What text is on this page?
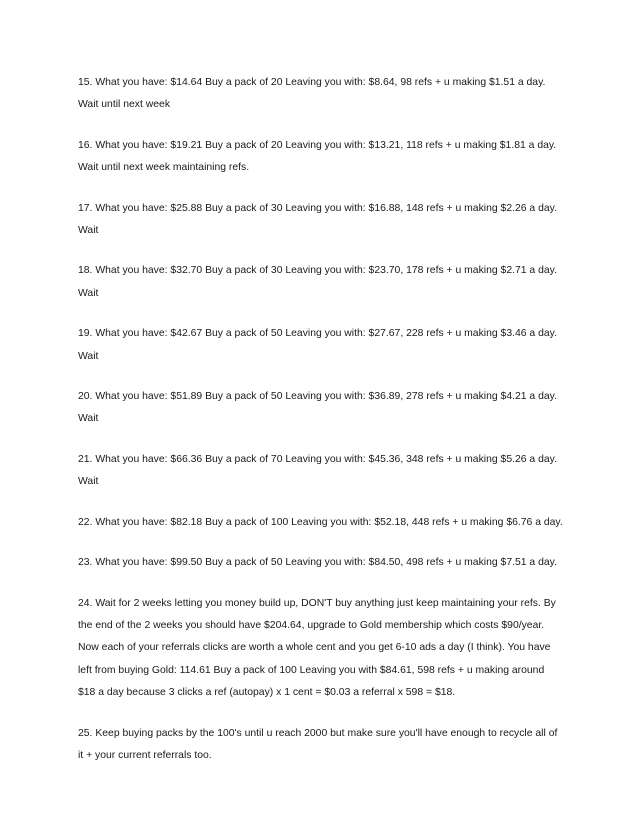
15. What you have: $14.64 Buy a pack of 20 Leaving you with: $8.64, 98 refs + u making $1.51 a day. Wait until next week

16. What you have: $19.21 Buy a pack of 20 Leaving you with: $13.21, 118 refs + u making $1.81 a day. Wait until next week maintaining refs.

17. What you have: $25.88 Buy a pack of 30 Leaving you with: $16.88, 148 refs + u making $2.26 a day. Wait

18. What you have: $32.70 Buy a pack of 30 Leaving you with: $23.70, 178 refs + u making $2.71 a day. Wait

19. What you have: $42.67 Buy a pack of 50 Leaving you with: $27.67, 228 refs + u making $3.46 a day. Wait

20. What you have: $51.89 Buy a pack of 50 Leaving you with: $36.89, 278 refs + u making $4.21 a day. Wait

21. What you have: $66.36 Buy a pack of 70 Leaving you with: $45.36, 348 refs + u making $5.26 a day. Wait

22. What you have: $82.18 Buy a pack of 100 Leaving you with: $52.18, 448 refs + u making $6.76 a day.

23. What you have: $99.50 Buy a pack of 50 Leaving you with: $84.50, 498 refs + u making $7.51 a day.

24. Wait for 2 weeks letting you money build up, DON'T buy anything just keep maintaining your refs. By the end of the 2 weeks you should have $204.64, upgrade to Gold membership which costs $90/year. Now each of your referrals clicks are worth a whole cent and you get 6-10 ads a day (I think). You have left from buying Gold: 114.61 Buy a pack of 100 Leaving you with $84.61, 598 refs + u making around $18 a day because 3 clicks a ref (autopay) x 1 cent = $0.03 a referral x 598 = $18.

25. Keep buying packs by the 100's until u reach 2000 but make sure you'll have enough to recycle all of it + your current referrals too.
